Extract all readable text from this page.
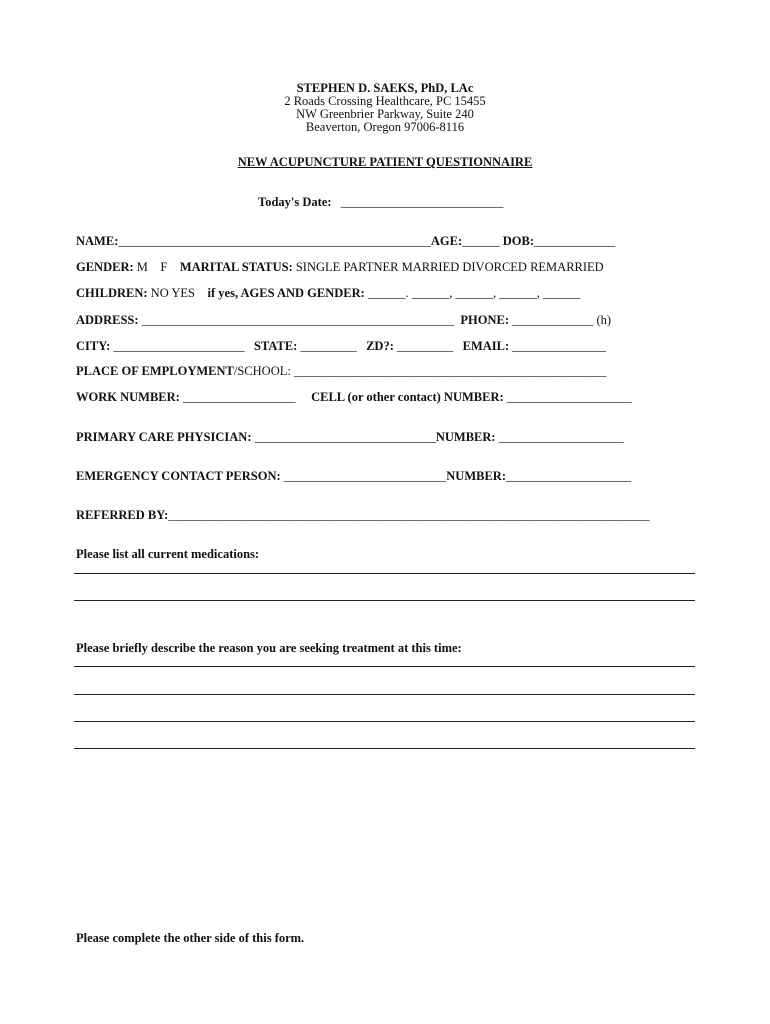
STEPHEN D. SAEKS, PhD, LAc
2 Roads Crossing Healthcare, PC 15455
NW Greenbrier Parkway, Suite 240
Beaverton, Oregon 97006-8116
NEW ACUPUNCTURE PATIENT QUESTIONNAIRE
Today's Date: __________________________
NAME:__________________________________________________AGE:______ DOB:_____________
GENDER: M    F MARITAL STATUS: SINGLE PARTNER MARRIED DIVORCED REMARRIED
CHILDREN: NO YES if yes, AGES AND GENDER: ______. ______, ______, ______, ______
ADDRESS: __________________________________________________ PHONE: _____________ (h)
CITY: _____________________ STATE: _________ ZD?: _________ EMAIL: _______________
PLACE OF EMPLOYMENT/SCHOOL: __________________________________________________
WORK NUMBER: __________________ CELL (or other contact) NUMBER: ____________________
PRIMARY CARE PHYSICIAN: _____________________________NUMBER: ____________________
EMERGENCY CONTACT PERSON: __________________________NUMBER:____________________
REFERRED BY:_____________________________________________________________________________
Please list all current medications:
Please briefly describe the reason you are seeking treatment at this time:
Please complete the other side of this form.
